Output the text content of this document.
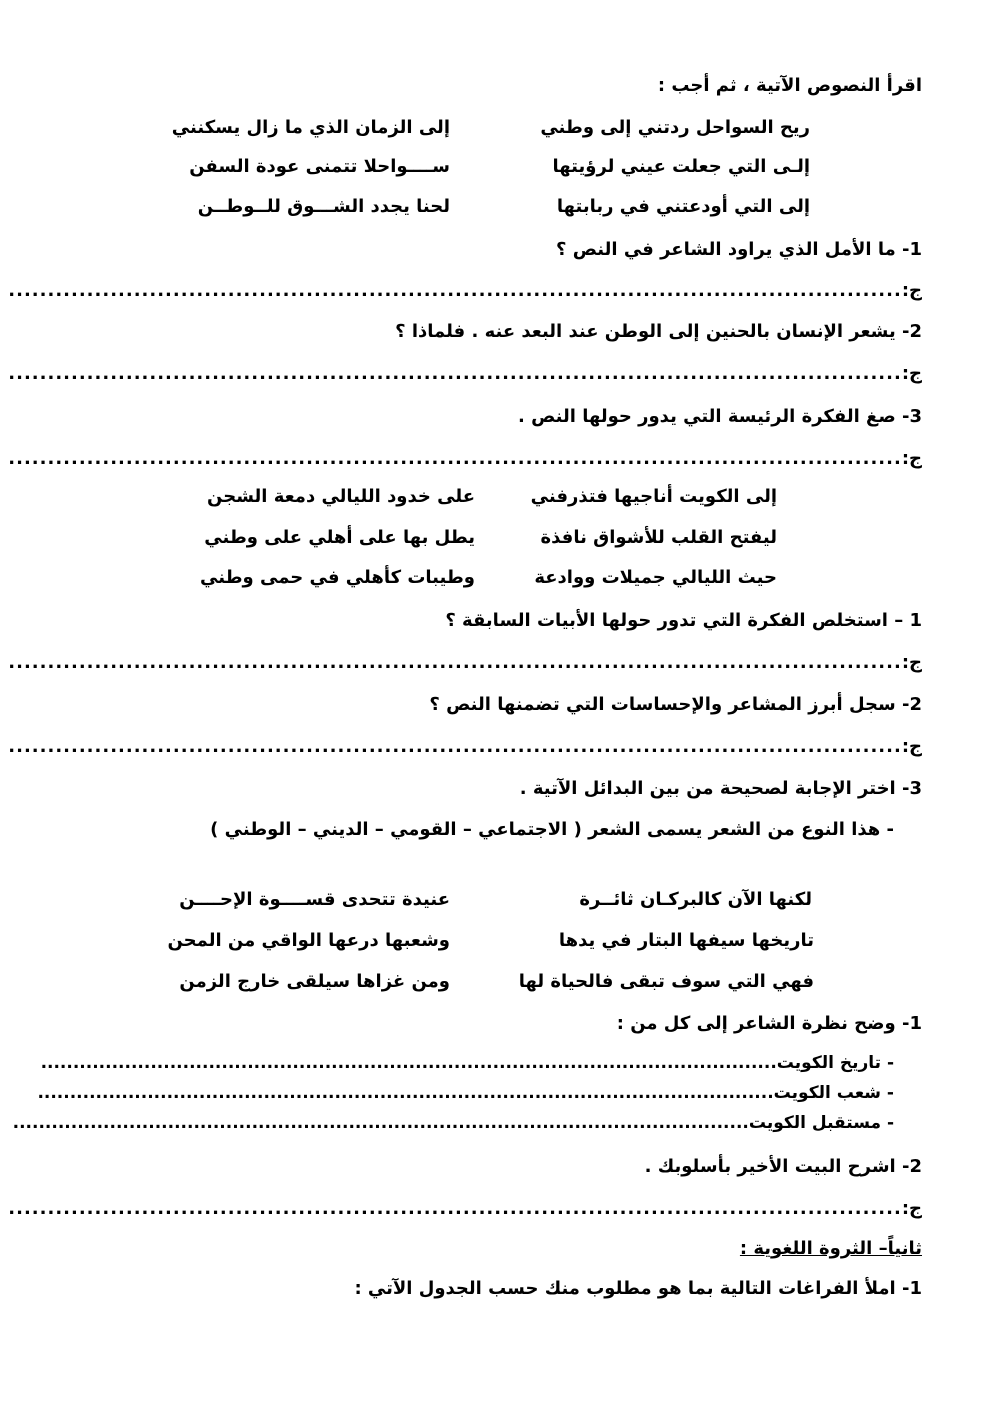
اقرأ النصوص الآتية ، ثم أجب :
ريح السواحل ردتني إلى وطني
إلى الزمان الذي ما زال يسكنني
إلـى التي جعلت عيني لرؤيتها
ســــواحلا تتمنى عودة السفن
إلى التي أودعتني في ربابتها
لحنا يجدد الشـــوق للــوطــن
1- ما الأمل الذي يراود الشاعر في النص ؟
ج:
..................................................................................................................
2- يشعر الإنسان بالحنين إلى الوطن عند البعد عنه . فلماذا ؟
ج:
..................................................................................................................
3- صغ الفكرة الرئيسة التي يدور حولها النص .
ج:
..................................................................................................................
إلى الكويت أناجيها فتذرفني
على خدود الليالي دمعة الشجن
ليفتح القلب للأشواق نافذة
يطل بها على أهلي على وطني
حيث الليالي جميلات ووادعة
وطيبات كأهلي في حمى وطني
1 – استخلص الفكرة التي تدور حولها الأبيات السابقة ؟
ج:
..................................................................................................................
2- سجل أبرز المشاعر والإحساسات التي تضمنها النص ؟
ج:
..................................................................................................................
3- اختر الإجابة لصحيحة من بين البدائل الآتية .
- هذا النوع من الشعر يسمى الشعر ( الاجتماعي – القومي – الديني – الوطني )
لكنها الآن كالبركـان ثائــرة
عنيدة تتحدى قســــوة الإحــــن
تاريخها سيفها البتار في يدها
وشعبها درعها الواقي من المحن
فهي التي سوف تبقى فالحياة لها
ومن غزاها سيلقى خارج الزمن
1- وضح نظرة الشاعر إلى كل من :
- تاريخ الكويت..................................................................................................................
- شعب الكويت..................................................................................................................
- مستقبل الكويت..................................................................................................................
2- اشرح البيت الأخير بأسلوبك .
ج:
..................................................................................................................
ثانياً– الثروة اللغوية :
1- املأ الفراغات التالية بما هو مطلوب منك حسب الجدول الآتي :
